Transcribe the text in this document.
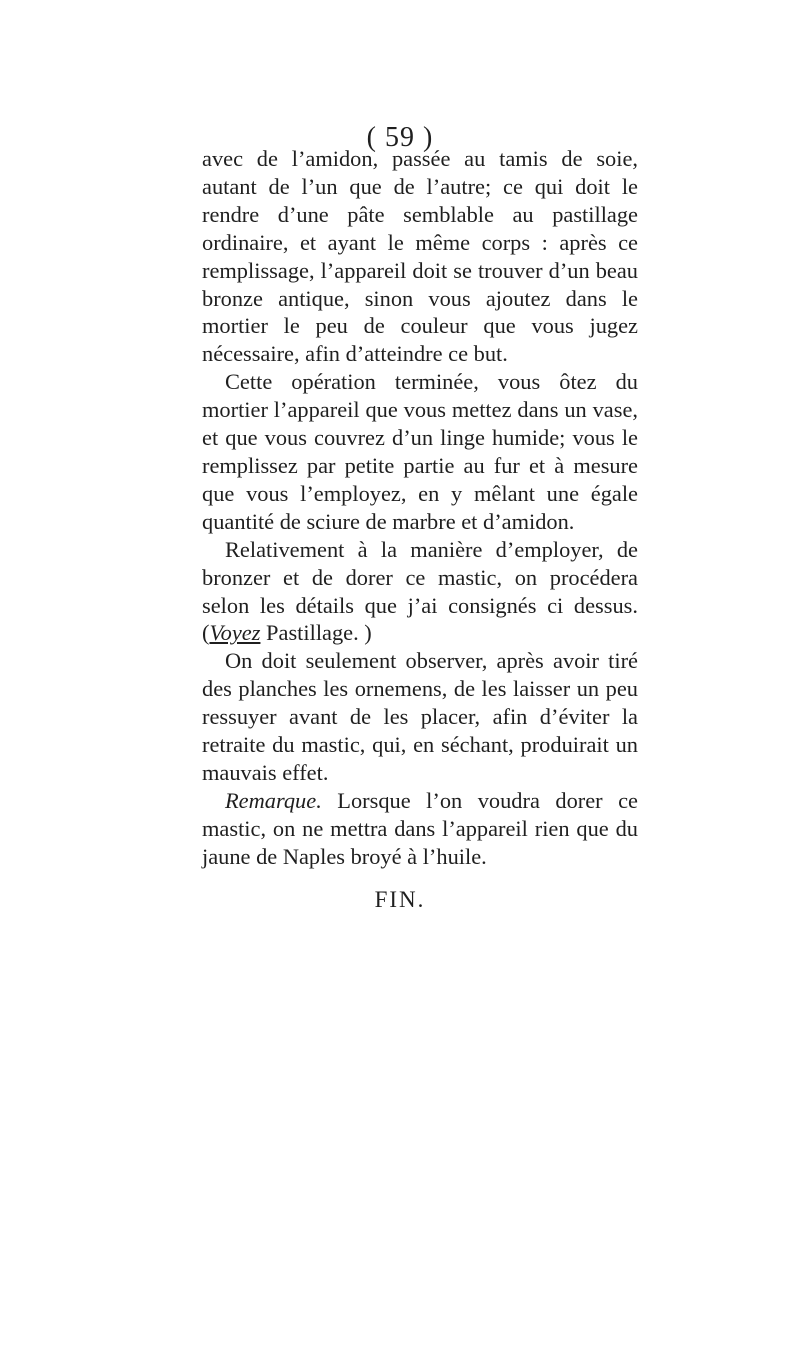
( 59 )

avec de l’amidon, passée au tamis de soie, autant de l’un que de l’autre; ce qui doit le rendre d’une pâte semblable au pastillage ordinaire, et ayant le même corps : après ce remplissage, l’appareil doit se trouver d’un beau bronze antique, sinon vous ajoutez dans le mortier le peu de couleur que vous jugez nécessaire, afin d’atteindre ce but.

Cette opération terminée, vous ôtez du mortier l’appareil que vous mettez dans un vase, et que vous couvrez d’un linge humide; vous le remplissez par petite partie au fur et à mesure que vous l’employez, en y mêlant une égale quantité de sciure de marbre et d’amidon.

Relativement à la manière d’employer, de bronzer et de dorer ce mastic, on procédera selon les détails que j’ai consignés ci dessus. (Voyez Pastillage. )

On doit seulement observer, après avoir tiré des planches les ornemens, de les laisser un peu ressuyer avant de les placer, afin d’éviter la retraite du mastic, qui, en séchant, produirait un mauvais effet.

Remarque. Lorsque l’on voudra dorer ce mastic, on ne mettra dans l’appareil rien que du jaune de Naples broyé à l’huile.

FIN.
